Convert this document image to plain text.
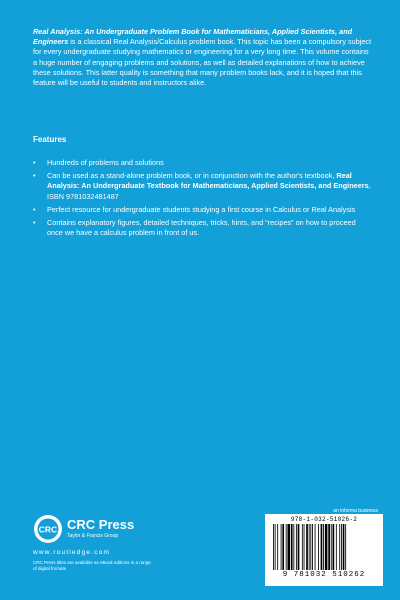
Real Analysis: An Undergraduate Problem Book for Mathematicians, Applied Scientists, and Engineers is a classical Real Analysis/Calculus problem book. This topic has been a compulsory subject for every undergraduate studying mathematics or engineering for a very long time. This volume contains a huge number of engaging problems and solutions, as well as detailed explanations of how to achieve these solutions. This latter quality is something that many problem books lack, and it is hoped that this feature will be useful to students and instructors alike.

Features

• Hundreds of problems and solutions
• Can be used as a stand-alone problem book, or in conjunction with the author's textbook, Real Analysis: An Undergraduate Textbook for Mathematicians, Applied Scientists, and Engineers, ISBN 9781032481487
• Perfect resource for undergraduate students studying a first course in Calculus or Real Analysis
• Contains explanatory figures, detailed techniques, tricks, hints, and “recipes” on how to proceed once we have a calculus problem in front of us.
an informa business
CRC CRC Press
Taylor & Francis Group
www.routledge.com
CRC Press titles are available as eBook editions in a range of digital formats
978-1-032-51026-2
9 781032 510262
